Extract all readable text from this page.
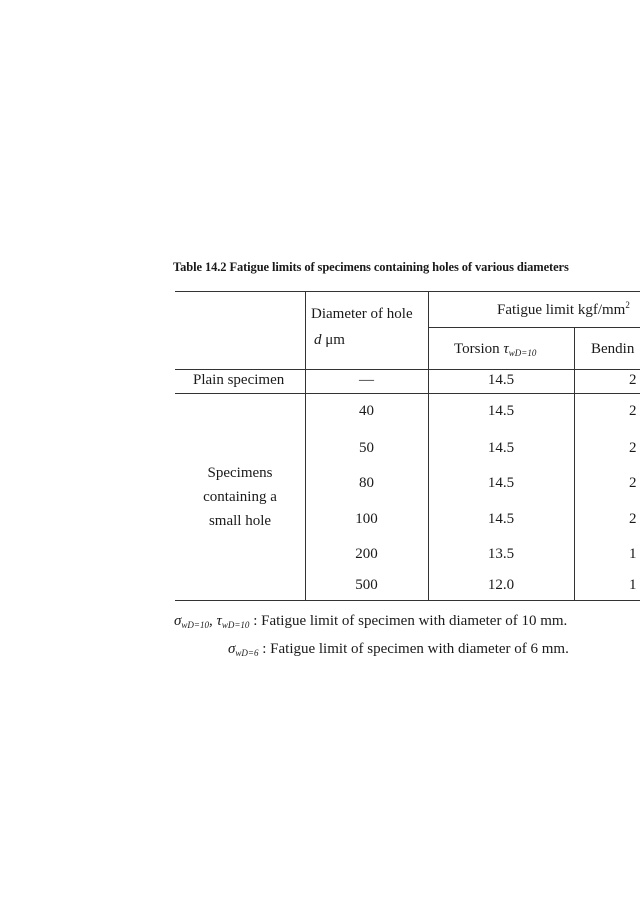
Table 14.2 Fatigue limits of specimens containing holes of various diameters
Diameter of hole
d μm
Fatigue limit kgf/$mm^2$
Torsion $\tau_{wD=10}$	Bendin
Plain specimen	—	14.5	2
Specimens
containing a
small hole
40	14.5	2
50	14.5	2
80	14.5	2
100	14.5	2
200	13.5	1
500	12.0	1
$\sigma_{wD=10}$, $\tau_{wD=10}$ : Fatigue limit of specimen with diameter of 10 mm.
$\sigma_{wD=6}$ : Fatigue limit of specimen with diameter of 6 mm.
